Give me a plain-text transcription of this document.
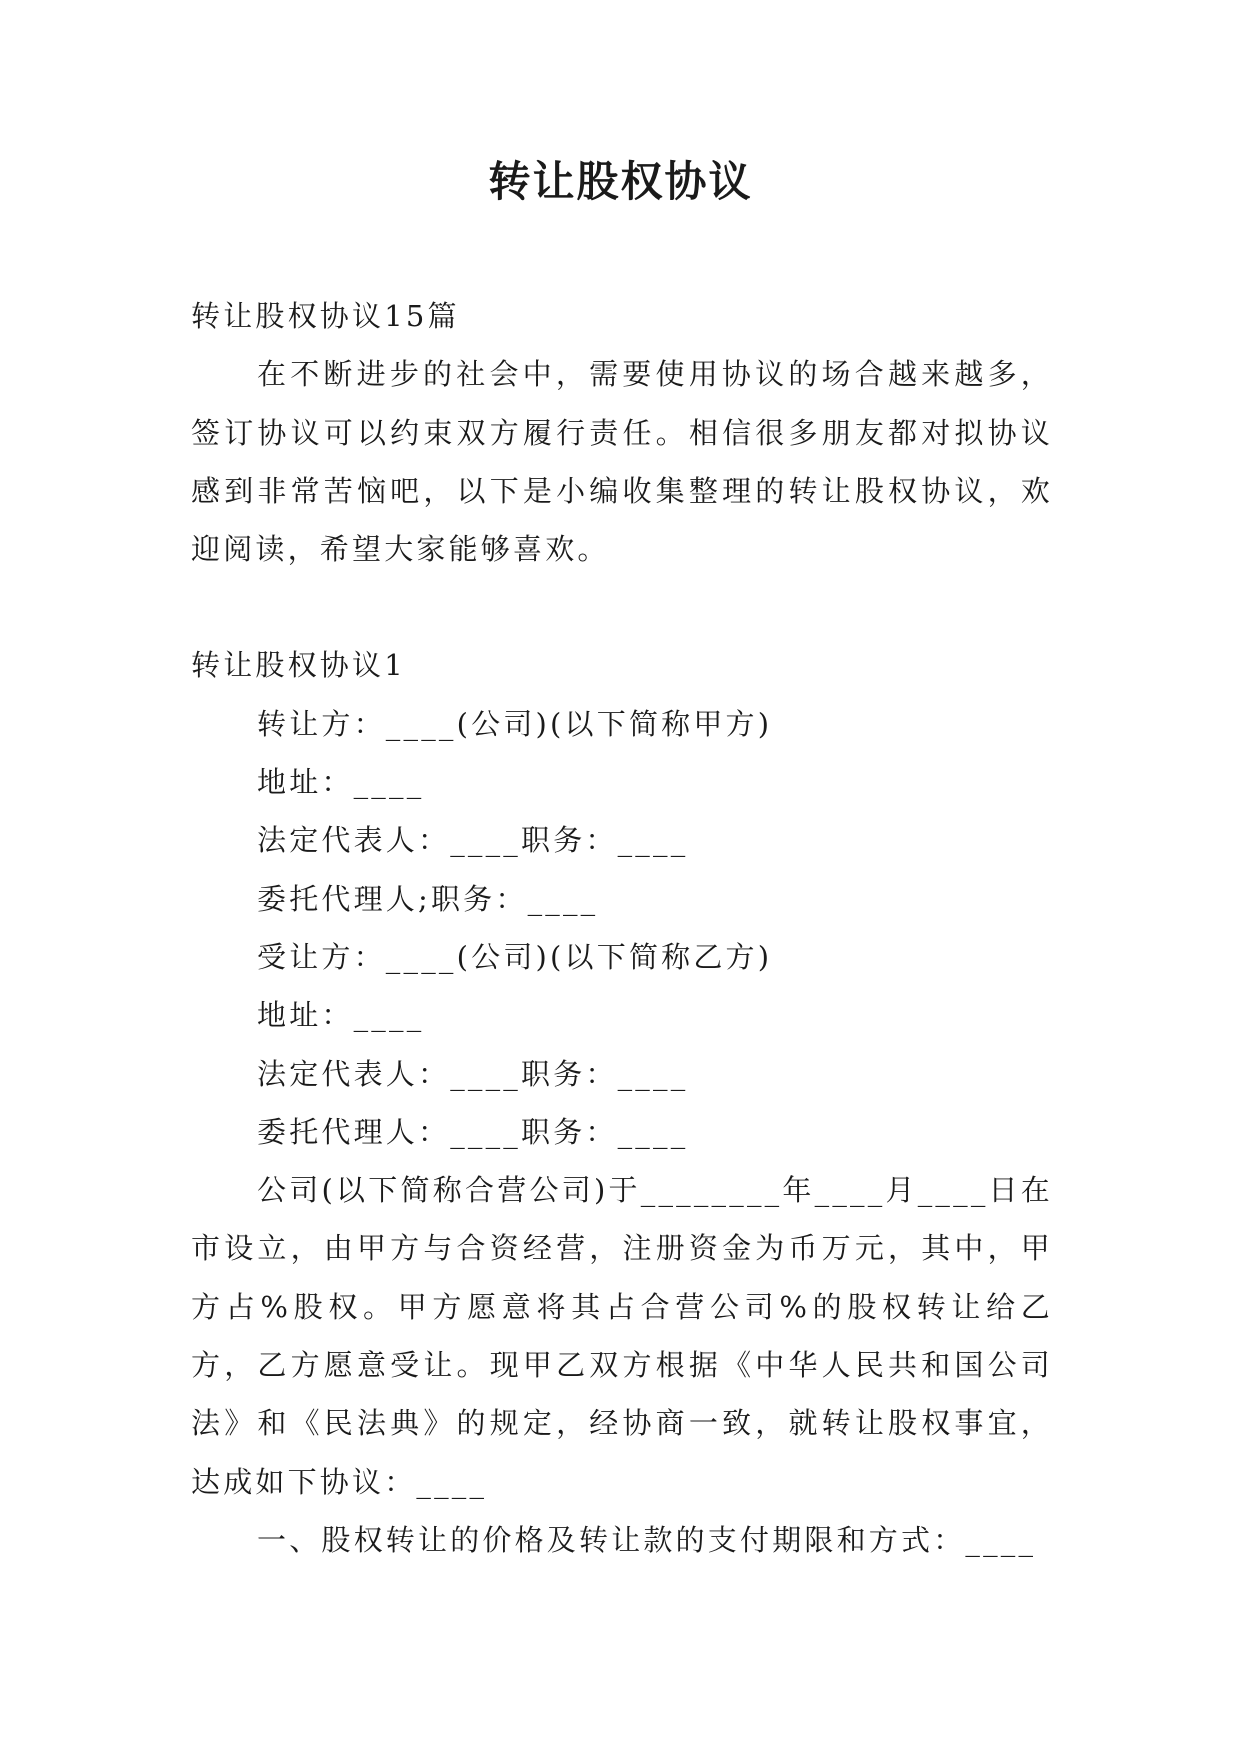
转让股权协议

转让股权协议15篇

在不断进步的社会中，需要使用协议的场合越来越多，签订协议可以约束双方履行责任。相信很多朋友都对拟协议感到非常苦恼吧，以下是小编收集整理的转让股权协议，欢迎阅读，希望大家能够喜欢。

转让股权协议1

转让方：____(公司)(以下简称甲方)

地址：____

法定代表人：____职务：____

委托代理人;职务：____

受让方：____(公司)(以下简称乙方)

地址：____

法定代表人：____职务：____

委托代理人：____职务：____

公司(以下简称合营公司)于________年____月____日在市设立，由甲方与合资经营，注册资金为币万元，其中，甲方占%股权。甲方愿意将其占合营公司%的股权转让给乙方，乙方愿意受让。现甲乙双方根据《中华人民共和国公司法》和《民法典》的规定，经协商一致，就转让股权事宜，达成如下协议：____

一、股权转让的价格及转让款的支付期限和方式：____
